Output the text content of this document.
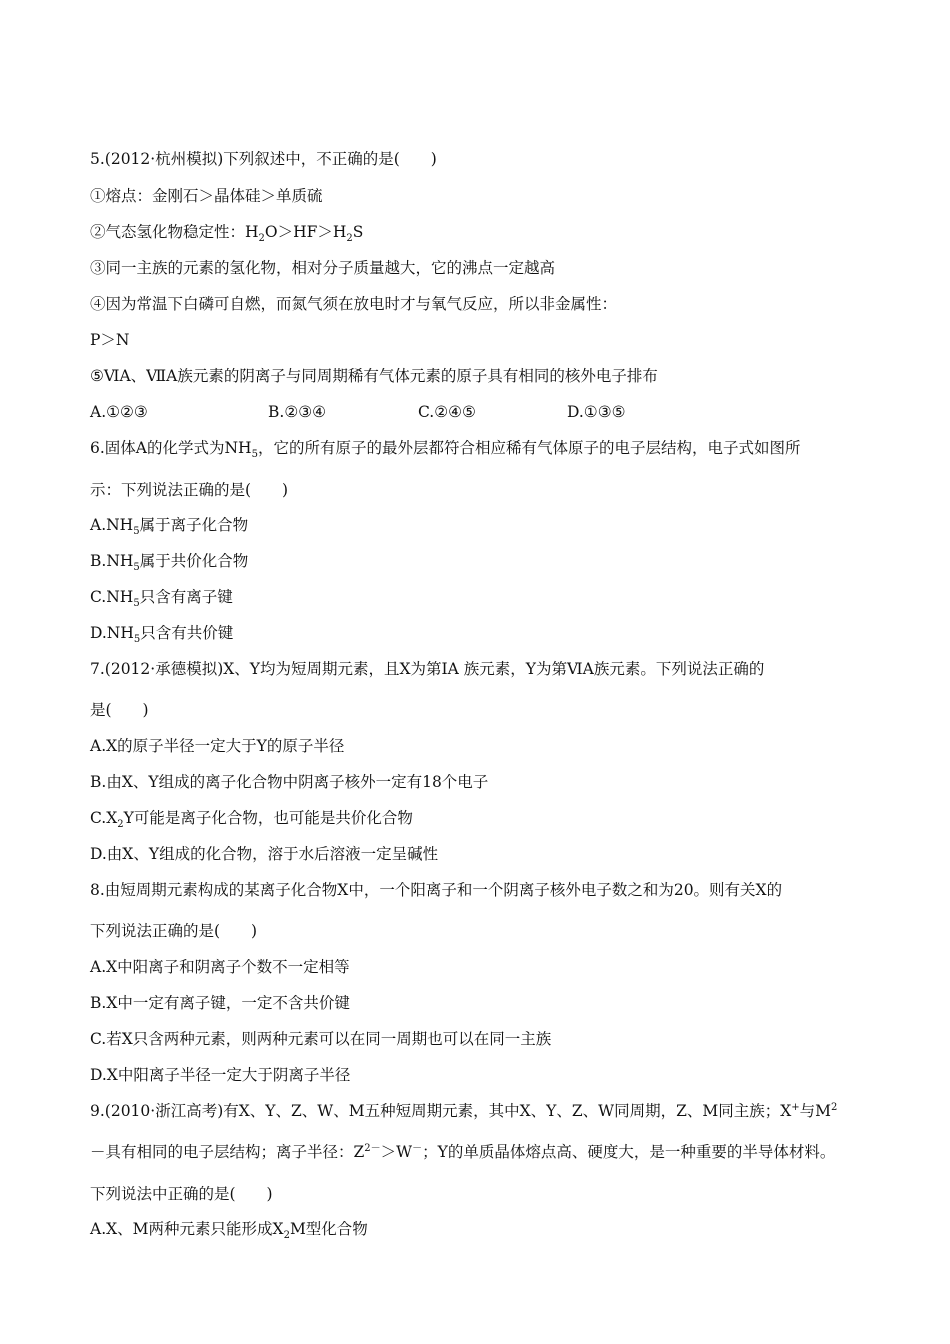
5.(2012·杭州模拟)下列叙述中，不正确的是(　　)
①熔点：金刚石＞晶体硅＞单质硫
②气态氢化物稳定性：$H_2O>HF>H_2S$
③同一主族的元素的氢化物，相对分子质量越大，它的沸点一定越高
④因为常温下白磷可自燃，而氮气须在放电时才与氧气反应，所以非金属性：
P＞N
⑤ⅥA、ⅦA族元素的阴离子与同周期稀有气体元素的原子具有相同的核外电子排布
A.①②③	B.②③④	C.②④⑤	D.①③⑤
6.固体A的化学式为$NH_5$，它的所有原子的最外层都符合相应稀有气体原子的电子层结构，电子式如图所
示：下列说法正确的是(　　)
$A.NH_5$属于离子化合物
$B.NH_5$属于共价化合物
$C.NH_5$只含有离子键
$D.NH_5$只含有共价键
7.(2012·承德模拟)X、Y均为短周期元素，且X为第ⅠA 族元素，Y为第ⅥA族元素。下列说法正确的
是(　　)
A.X的原子半径一定大于Y的原子半径
B.由X、Y组成的离子化合物中阴离子核外一定有18个电子
$C.X_2Y$可能是离子化合物，也可能是共价化合物
D.由X、Y组成的化合物，溶于水后溶液一定呈碱性
8.由短周期元素构成的某离子化合物X中，一个阳离子和一个阴离子核外电子数之和为20。则有关X的
下列说法正确的是(　　)
A.X中阳离子和阴离子个数不一定相等
B.X中一定有离子键，一定不含共价键
C.若X只含两种元素，则两种元素可以在同一周期也可以在同一主族
D.X中阳离子半径一定大于阴离子半径
9.(2010·浙江高考)有X、Y、Z、W、M五种短周期元素，其中X、Y、Z、W同周期，Z、M同主族；X+与$M^2$
－具有相同的电子层结构；离子半径：$Z^{2-}>W^-$；Y的单质晶体熔点高、硬度大，是一种重要的半导体材料。
下列说法中正确的是(　　)
A.X、M两种元素只能形成$X_2M$型化合物
